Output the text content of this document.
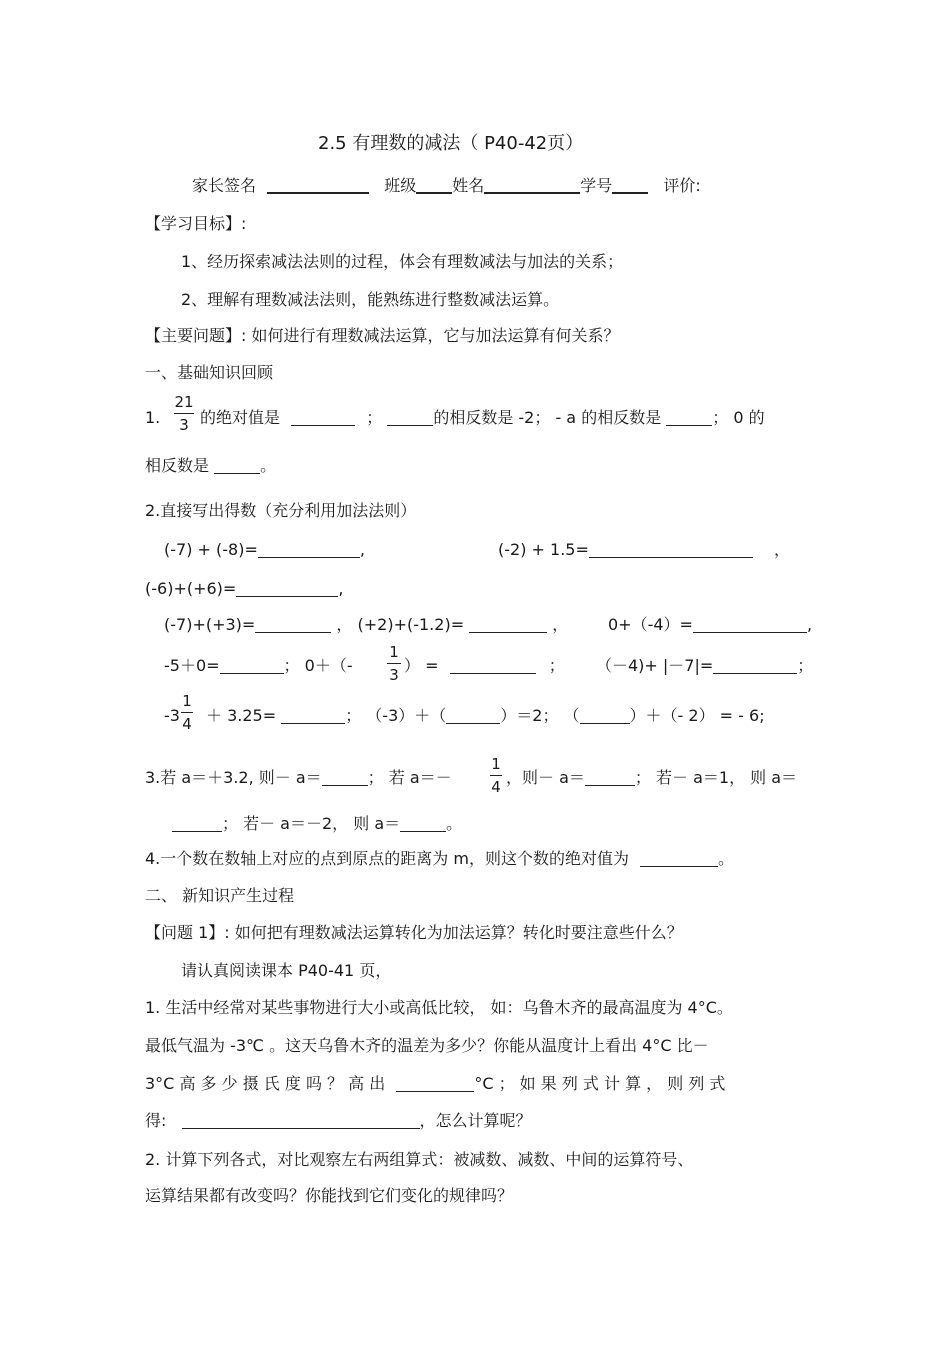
2.5 有理数的减法（ P40-42页）
家长签名	班级 姓名	学号	评价:
【学习目标】:
1、经历探索减法法则的过程，体会有理数减法与加法的关系；
2、理解有理数减法法则，能熟练进行整数减法运算。
【主要问题】: 如何进行有理数减法运算，它与加法运算有何关系？
一、基础知识回顾
1.
21
3 的绝对值是	；	的相反数是 -2； - a 的相反数是	； 0 的
相反数是	。
2.直接写出得数（充分利用加法法则）
(-7) + (-8)=	,	(-2) + 1.5=	，
(-6)+(+6)=	,
(-7)+(+3)=	， (+2)+(-1.2)=	， 0+（-4）=	,
-5＋0=	； 0＋（-
1
3 ） =	； （－4)+ |－7|=	；
-3
1
4 ＋ 3.25=	； （-3）＋（	）＝2； （	）＋（- 2） = - 6;
3.若 a＝＋3.2, 则－ a＝	； 若 a＝－
1
4 ，则－ a＝	； 若－ a＝1， 则 a＝
； 若－ a＝－2， 则 a＝	。
4.一个数在数轴上对应的点到原点的距离为 m，则这个数的绝对值为	。
二、 新知识产生过程
【问题 1】: 如何把有理数减法运算转化为加法运算？转化时要注意些什么？
请认真阅读课本 P40-41 页，
1. 生活中经常对某些事物进行大小或高低比较， 如：乌鲁木齐的最高温度为 4°C。
最低气温为 -3℃ 。这天乌鲁木齐的温差为多少？你能从温度计上看出 4°C 比－
3°C 高 多 少 摄 氏 度 吗 ？ 高 出	°C ； 如 果 列 式 计 算 ， 则 列 式
得:	，怎么计算呢？
2. 计算下列各式，对比观察左右两组算式：被减数、减数、中间的运算符号、
运算结果都有改变吗？你能找到它们变化的规律吗？
